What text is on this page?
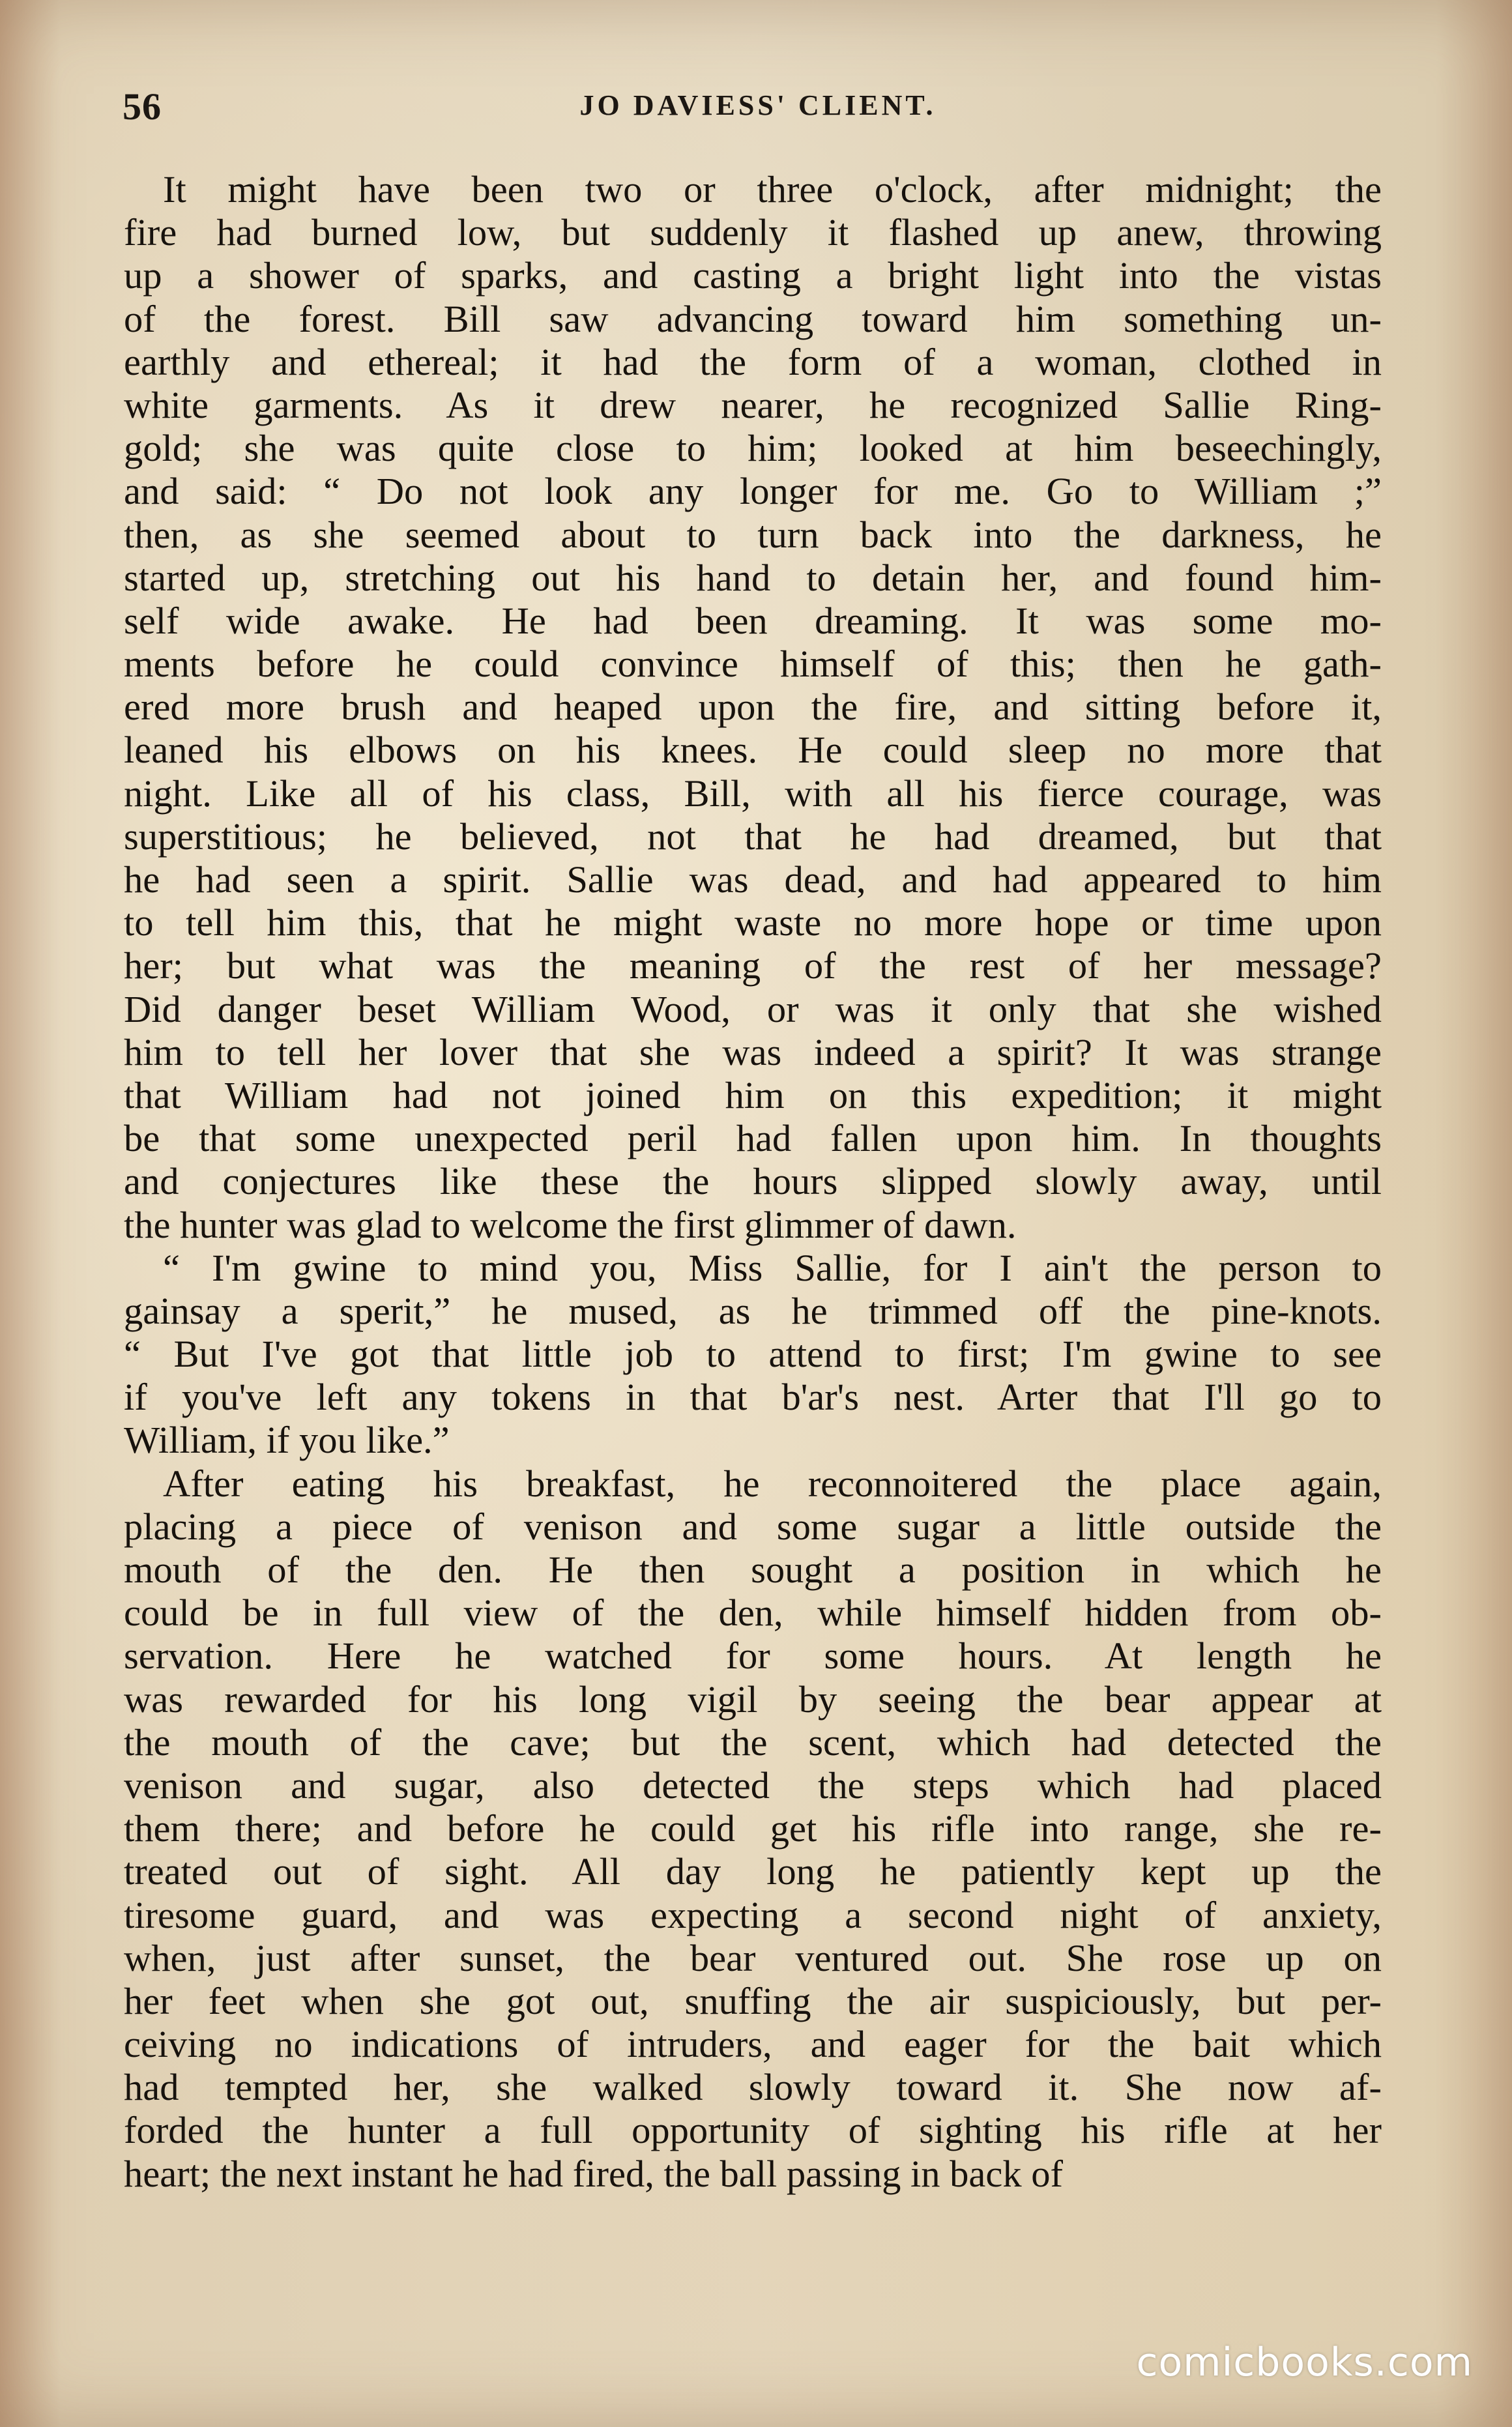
56	JO DAVIESS' CLIENT.
It might have been two or three o'clock, after midnight; the
fire had burned low, but suddenly it flashed up anew, throwing
up a shower of sparks, and casting a bright light into the vistas
of the forest. Bill saw advancing toward him something un-
earthly and ethereal; it had the form of a woman, clothed in
white garments. As it drew nearer, he recognized Sallie Ring-
gold; she was quite close to him; looked at him beseechingly,
and said: “ Do not look any longer for me. Go to William ;”
then, as she seemed about to turn back into the darkness, he
started up, stretching out his hand to detain her, and found him-
self wide awake. He had been dreaming. It was some mo-
ments before he could convince himself of this; then he gath-
ered more brush and heaped upon the fire, and sitting before it,
leaned his elbows on his knees. He could sleep no more that
night. Like all of his class, Bill, with all his fierce courage, was
superstitious; he believed, not that he had dreamed, but that
he had seen a spirit. Sallie was dead, and had appeared to him
to tell him this, that he might waste no more hope or time upon
her; but what was the meaning of the rest of her message?
Did danger beset William Wood, or was it only that she wished
him to tell her lover that she was indeed a spirit? It was strange
that William had not joined him on this expedition; it might
be that some unexpected peril had fallen upon him. In thoughts
and conjectures like these the hours slipped slowly away, until
the hunter was glad to welcome the first glimmer of dawn.
“ I'm gwine to mind you, Miss Sallie, for I ain't the person to
gainsay a sperit,” he mused, as he trimmed off the pine-knots.
“ But I've got that little job to attend to first; I'm gwine to see
if you've left any tokens in that b'ar's nest. Arter that I'll go to
William, if you like.”
After eating his breakfast, he reconnoitered the place again,
placing a piece of venison and some sugar a little outside the
mouth of the den. He then sought a position in which he
could be in full view of the den, while himself hidden from ob-
servation. Here he watched for some hours. At length he
was rewarded for his long vigil by seeing the bear appear at
the mouth of the cave; but the scent, which had detected the
venison and sugar, also detected the steps which had placed
them there; and before he could get his rifle into range, she re-
treated out of sight. All day long he patiently kept up the
tiresome guard, and was expecting a second night of anxiety,
when, just after sunset, the bear ventured out. She rose up on
her feet when she got out, snuffing the air suspiciously, but per-
ceiving no indications of intruders, and eager for the bait which
had tempted her, she walked slowly toward it. She now af-
forded the hunter a full opportunity of sighting his rifle at her
heart; the next instant he had fired, the ball passing in back of
comicbooks.com
